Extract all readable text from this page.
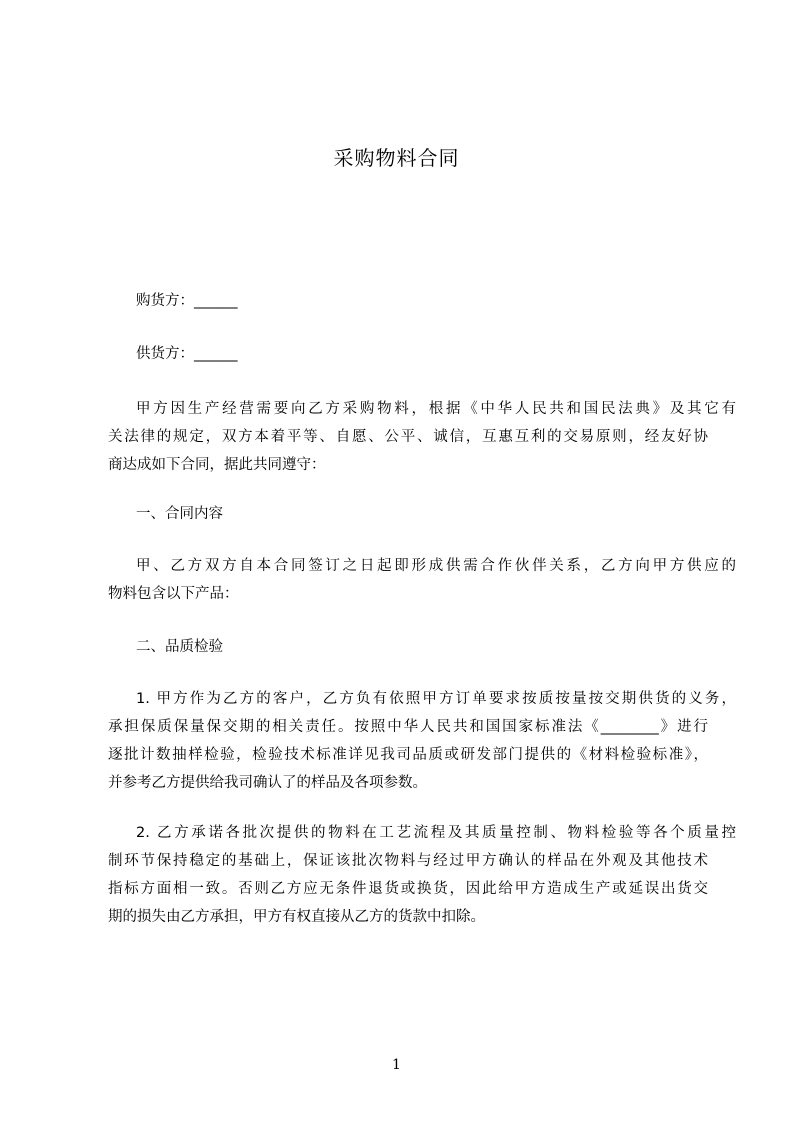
采购物料合同
购货方：______
供货方：______
甲方因生产经营需要向乙方采购物料，根据《中华人民共和国民法典》及其它有
关法律的规定，双方本着平等、自愿、公平、诚信，互惠互利的交易原则，经友好协
商达成如下合同，据此共同遵守：
一、合同内容
甲、乙方双方自本合同签订之日起即形成供需合作伙伴关系，乙方向甲方供应的
物料包含以下产品：
二、品质检验
1. 甲方作为乙方的客户，乙方负有依照甲方订单要求按质按量按交期供货的义务，
承担保质保量保交期的相关责任。按照中华人民共和国国家标准法《________》进行
逐批计数抽样检验，检验技术标准详见我司品质或研发部门提供的《材料检验标准》，
并参考乙方提供给我司确认了的样品及各项参数。
2. 乙方承诺各批次提供的物料在工艺流程及其质量控制、物料检验等各个质量控
制环节保持稳定的基础上，保证该批次物料与经过甲方确认的样品在外观及其他技术
指标方面相一致。否则乙方应无条件退货或换货，因此给甲方造成生产或延误出货交
期的损失由乙方承担，甲方有权直接从乙方的货款中扣除。
1
